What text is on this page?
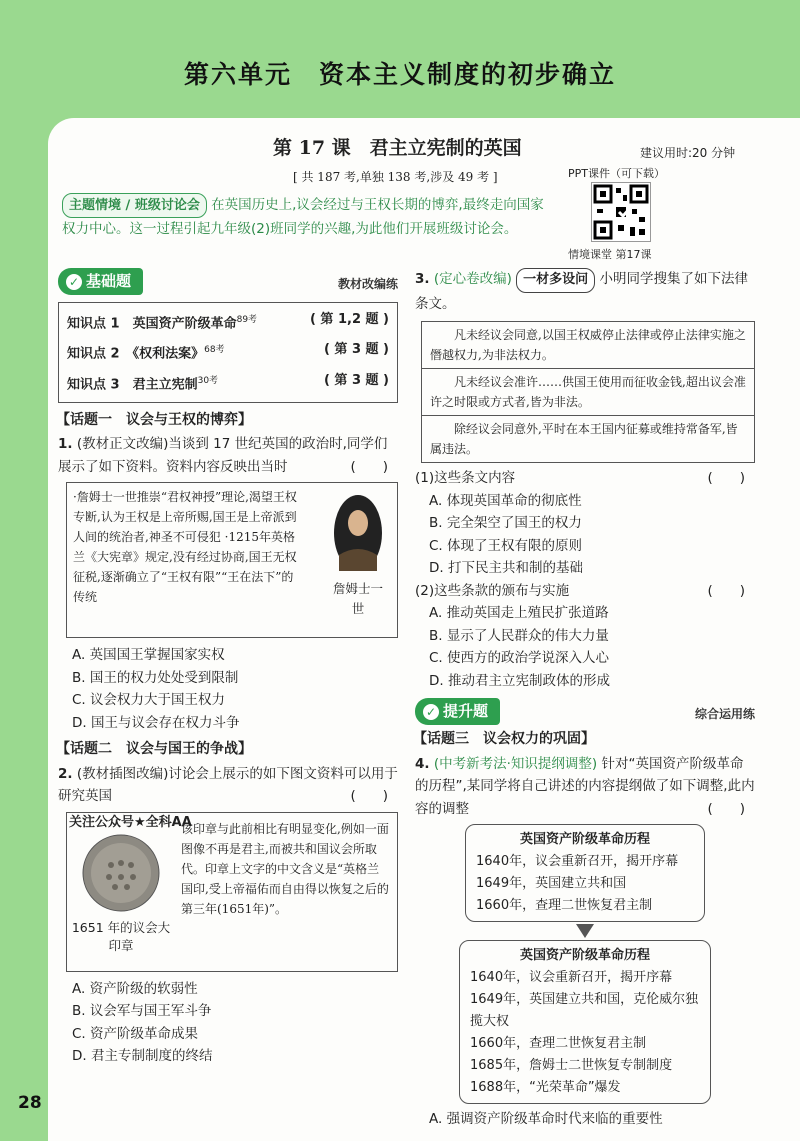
第六单元　资本主义制度的初步确立
第 17 课　君主立宪制的英国	建议用时:20 分钟
[ 共 187 考,单独 138 考,涉及 49 考 ]	PPT课件（可下载）
情境课堂 第17课
主题情境 ∕ 班级讨论会 在英国历史上,议会经过与王权长期的博弈,最终走向国家权力中心。这一过程引起九年级(2)班同学的兴趣,为此他们开展班级讨论会。
✓ 基础题	教材改编练
知识点 1　 英国资产阶级革命$^{89考}$	( 第 1,2 题 )
知识点 2　 《权利法案》$^{68考}$	( 第 3 题 )
知识点 3　 君主立宪制$^{30考}$	( 第 3 题 )
【话题一　议会与王权的博弈】
1. (教材正文改编)当谈到 17 世纪英国的政治时,同学们展示了如下资料。资料内容反映出当时	(　　)
·詹姆士一世推崇“君权神授”理论,渴望王权专断,认为王权是上帝所赐,国王是上帝派到人间的统治者,神圣不可侵犯 ·1215年英格兰《大宪章》规定,没有经过协商,国王无权征税,逐渐确立了“王权有限”“王在法下”的传统
詹姆士一世
A. 英国国王掌握国家实权
B. 国王的权力处处受到限制
C. 议会权力大于国王权力
D. 国王与议会存在权力斗争
【话题二　议会与国王的争战】
2. (教材插图改编)讨论会上展示的如下图文资料可以用于研究英国	(　　)
关注公众号★全科AA
1651 年的议会大印章
该印章与此前相比有明显变化,例如一面图像不再是君主,而被共和国议会所取代。印章上文字的中文含义是“英格兰国印,受上帝福佑而自由得以恢复之后的第三年(1651年)”。
A. 资产阶级的软弱性
B. 议会军与国王军斗争
C. 资产阶级革命成果
D. 君主专制制度的终结
3. (定心卷改编) 一材多设问 小明同学搜集了如下法律条文。
凡未经议会同意,以国王权威停止法律或停止法律实施之僭越权力,为非法权力。
凡未经议会准许……供国王使用而征收金钱,超出议会准许之时限或方式者,皆为非法。
除经议会同意外,平时在本王国内征募或维持常备军,皆属违法。
(1)这些条文内容	(　　)
A. 体现英国革命的彻底性
B. 完全架空了国王的权力
C. 体现了王权有限的原则
D. 打下民主共和制的基础
(2)这些条款的颁布与实施	(　　)
A. 推动英国走上殖民扩张道路
B. 显示了人民群众的伟大力量
C. 使西方的政治学说深入人心
D. 推动君主立宪制政体的形成
✓ 提升题	综合运用练
【话题三　议会权力的巩固】
4. (中考新考法·知识提纲调整) 针对“英国资产阶级革命的历程”,某同学将自己讲述的内容提纲做了如下调整,此内容的调整	(　　)
英国资产阶级革命历程
1640年，议会重新召开，揭开序幕
1649年，英国建立共和国
1660年，查理二世恢复君主制
英国资产阶级革命历程
1640年，议会重新召开，揭开序幕
1649年，英国建立共和国，克伦威尔独揽大权
1660年，查理二世恢复君主制
1685年，詹姆士二世恢复专制制度
1688年，“光荣革命”爆发
A. 强调资产阶级革命时代来临的重要性
28
